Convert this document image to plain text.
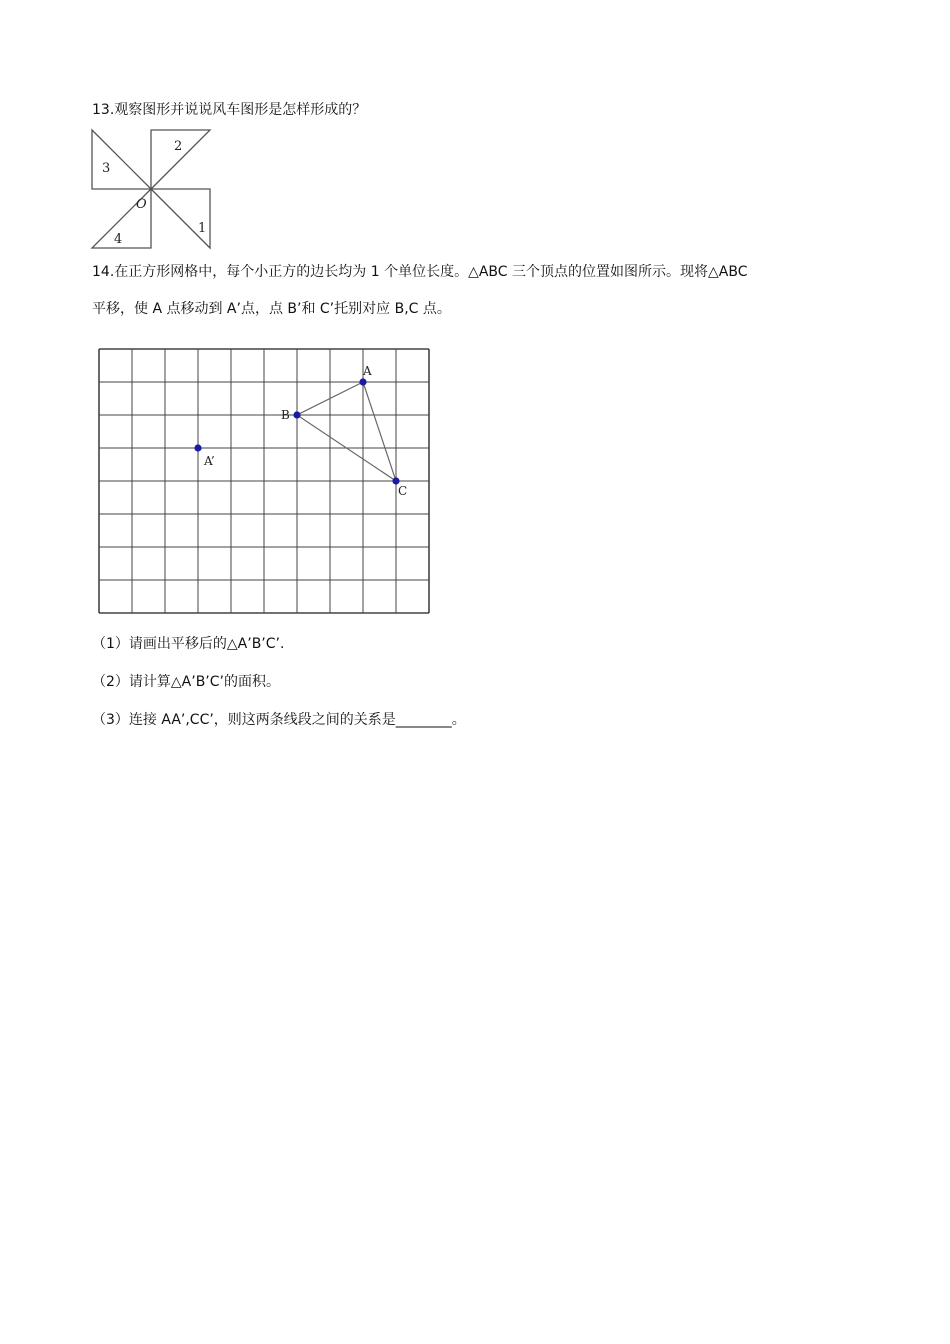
13.观察图形并说说风车图形是怎样形成的？
2
1
4
3
O
14.在正方形网格中，每个小正方的边长均为 1 个单位长度。△ABC 三个顶点的位置如图所示。现将△ABC
平移，使 A 点移动到 A’点，点 B’和 C’托别对应 B,C 点。
A
B
C
A’
（1）请画出平移后的△A’B’C’.
（2）请计算△A’B’C’的面积。
（3）连接 AA’,CC’，则这两条线段之间的关系是________。
